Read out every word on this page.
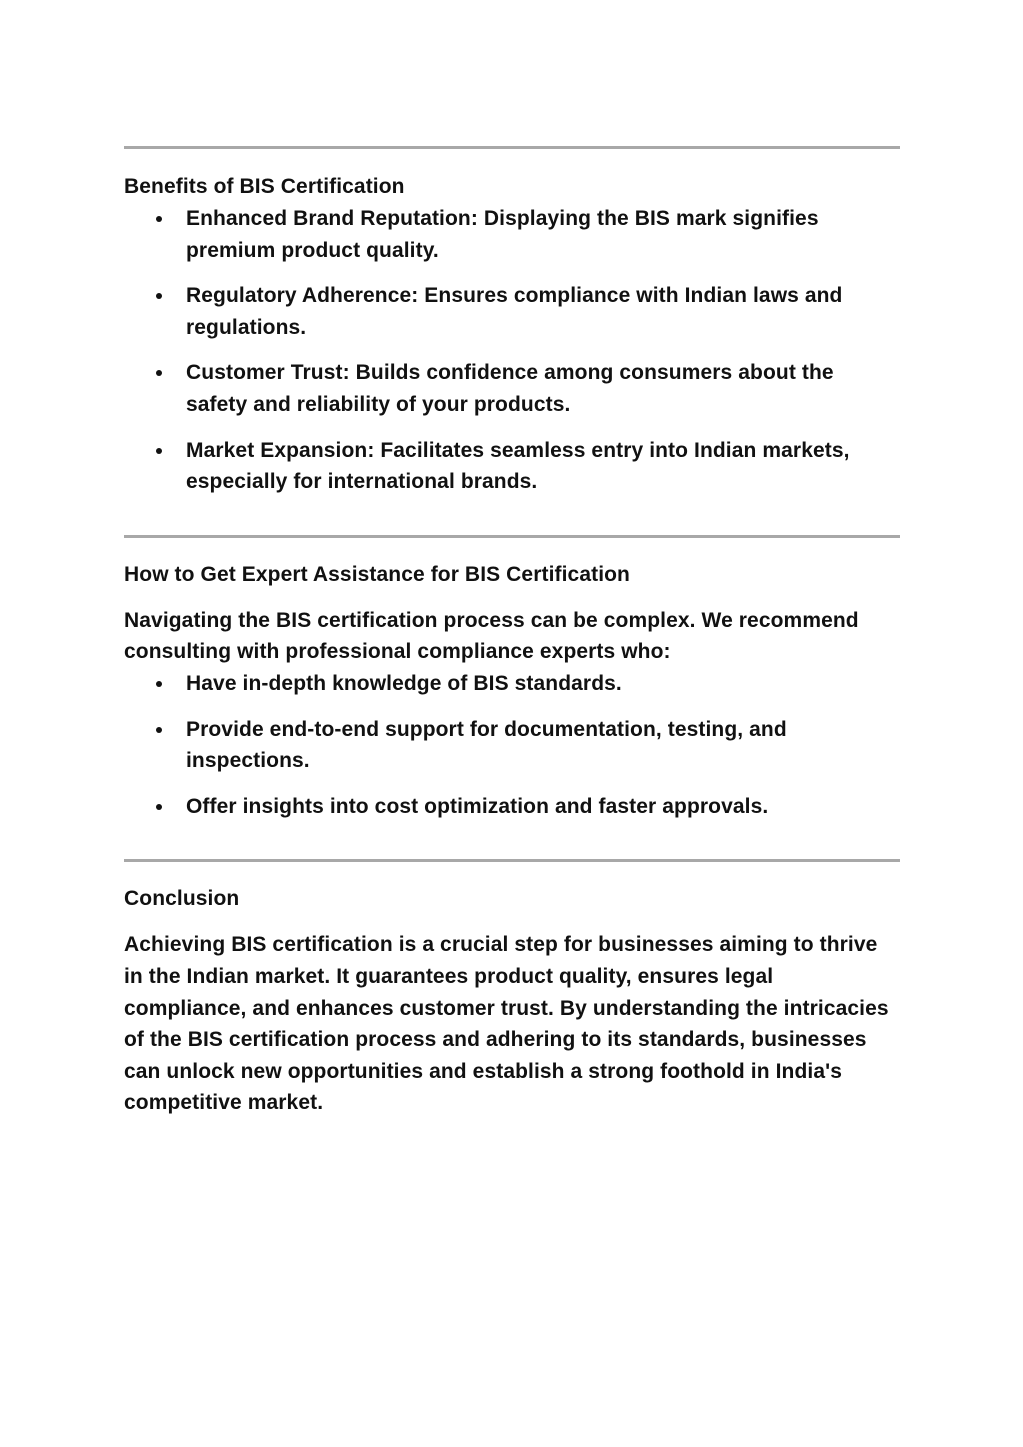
Benefits of BIS Certification
Enhanced Brand Reputation: Displaying the BIS mark signifies premium product quality.
Regulatory Adherence: Ensures compliance with Indian laws and regulations.
Customer Trust: Builds confidence among consumers about the safety and reliability of your products.
Market Expansion: Facilitates seamless entry into Indian markets, especially for international brands.
How to Get Expert Assistance for BIS Certification

Navigating the BIS certification process can be complex. We recommend consulting with professional compliance experts who:

Have in-depth knowledge of BIS standards.
Provide end-to-end support for documentation, testing, and inspections.
Offer insights into cost optimization and faster approvals.
Conclusion

Achieving BIS certification is a crucial step for businesses aiming to thrive in the Indian market. It guarantees product quality, ensures legal compliance, and enhances customer trust. By understanding the intricacies of the BIS certification process and adhering to its standards, businesses can unlock new opportunities and establish a strong foothold in India's competitive market.
